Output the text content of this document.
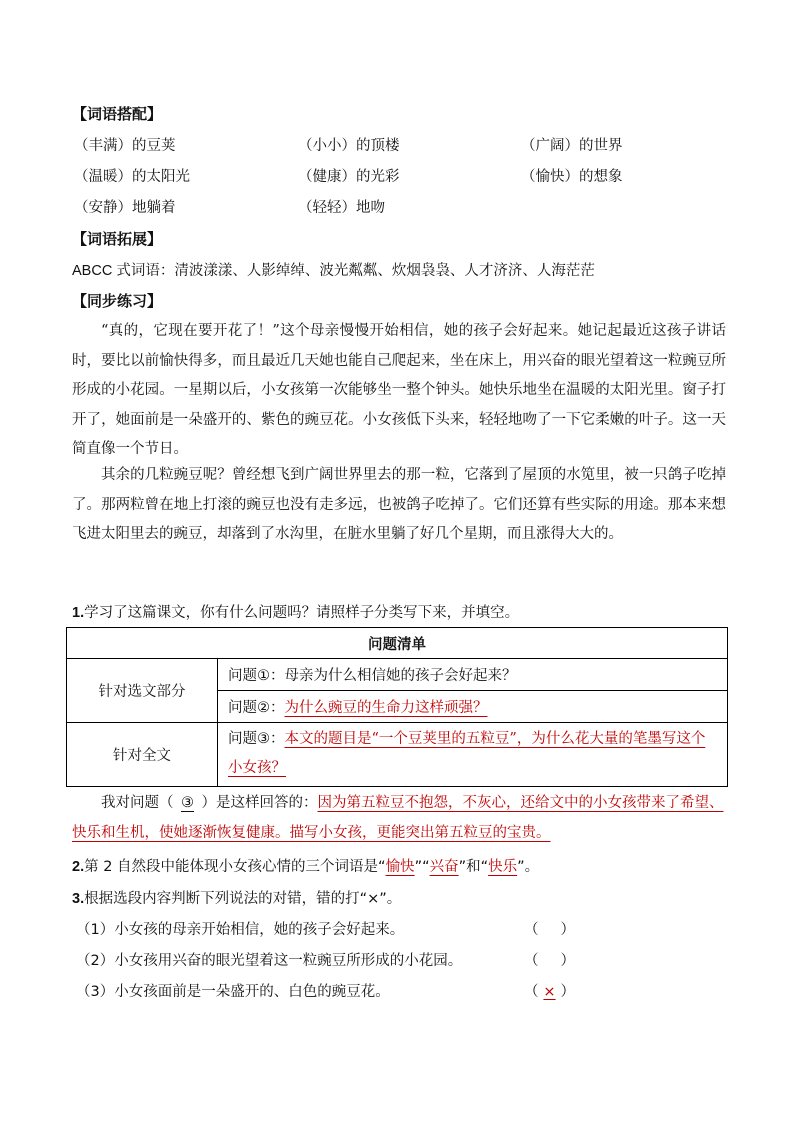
【词语搭配】
（丰满）的豆荚	（小小）的顶楼	（广阔）的世界
（温暖）的太阳光	（健康）的光彩	（愉快）的想象
（安静）地躺着	（轻轻）地吻
【词语拓展】
ABCC 式词语：清波漾漾、人影绰绰、波光粼粼、炊烟袅袅、人才济济、人海茫茫
【同步练习】

“真的，它现在要开花了！”这个母亲慢慢开始相信，她的孩子会好起来。她记起最近这孩子讲话时，要比以前愉快得多，而且最近几天她也能自己爬起来，坐在床上，用兴奋的眼光望着这一粒豌豆所形成的小花园。一星期以后，小女孩第一次能够坐一整个钟头。她快乐地坐在温暖的太阳光里。窗子打开了，她面前是一朵盛开的、紫色的豌豆花。小女孩低下头来，轻轻地吻了一下它柔嫩的叶子。这一天简直像一个节日。

其余的几粒豌豆呢？曾经想飞到广阔世界里去的那一粒，它落到了屋顶的水笕里，被一只鸽子吃掉了。那两粒曾在地上打滚的豌豆也没有走多远，也被鸽子吃掉了。它们还算有些实际的用途。那本来想飞进太阳里去的豌豆，却落到了水沟里，在脏水里躺了好几个星期，而且涨得大大的。

1.学习了这篇课文，你有什么问题吗？请照样子分类写下来，并填空。
问题清单	
针对选文部分	问题①：母亲为什么相信她的孩子会好起来？
	问题②：为什么豌豆的生命力这样顽强？
针对全文	问题③：本文的题目是“一个豆荚里的五粒豆”，为什么花大量的笔墨写这个小女孩？
我对问题（ ③ ）是这样回答的：因为第五粒豆不抱怨，不灰心，还给文中的小女孩带来了希望、快乐和生机，使她逐渐恢复健康。描写小女孩，更能突出第五粒豆的宝贵。
2.第 2 自然段中能体现小女孩心情的三个词语是“愉快”“兴奋”和“快乐”。
3.根据选段内容判断下列说法的对错，错的打“×”。
（1）小女孩的母亲开始相信，她的孩子会好起来。	（ ）
（2）小女孩用兴奋的眼光望着这一粒豌豆所形成的小花园。	（ ）
（3）小女孩面前是一朵盛开的、白色的豌豆花。	（ × ）
